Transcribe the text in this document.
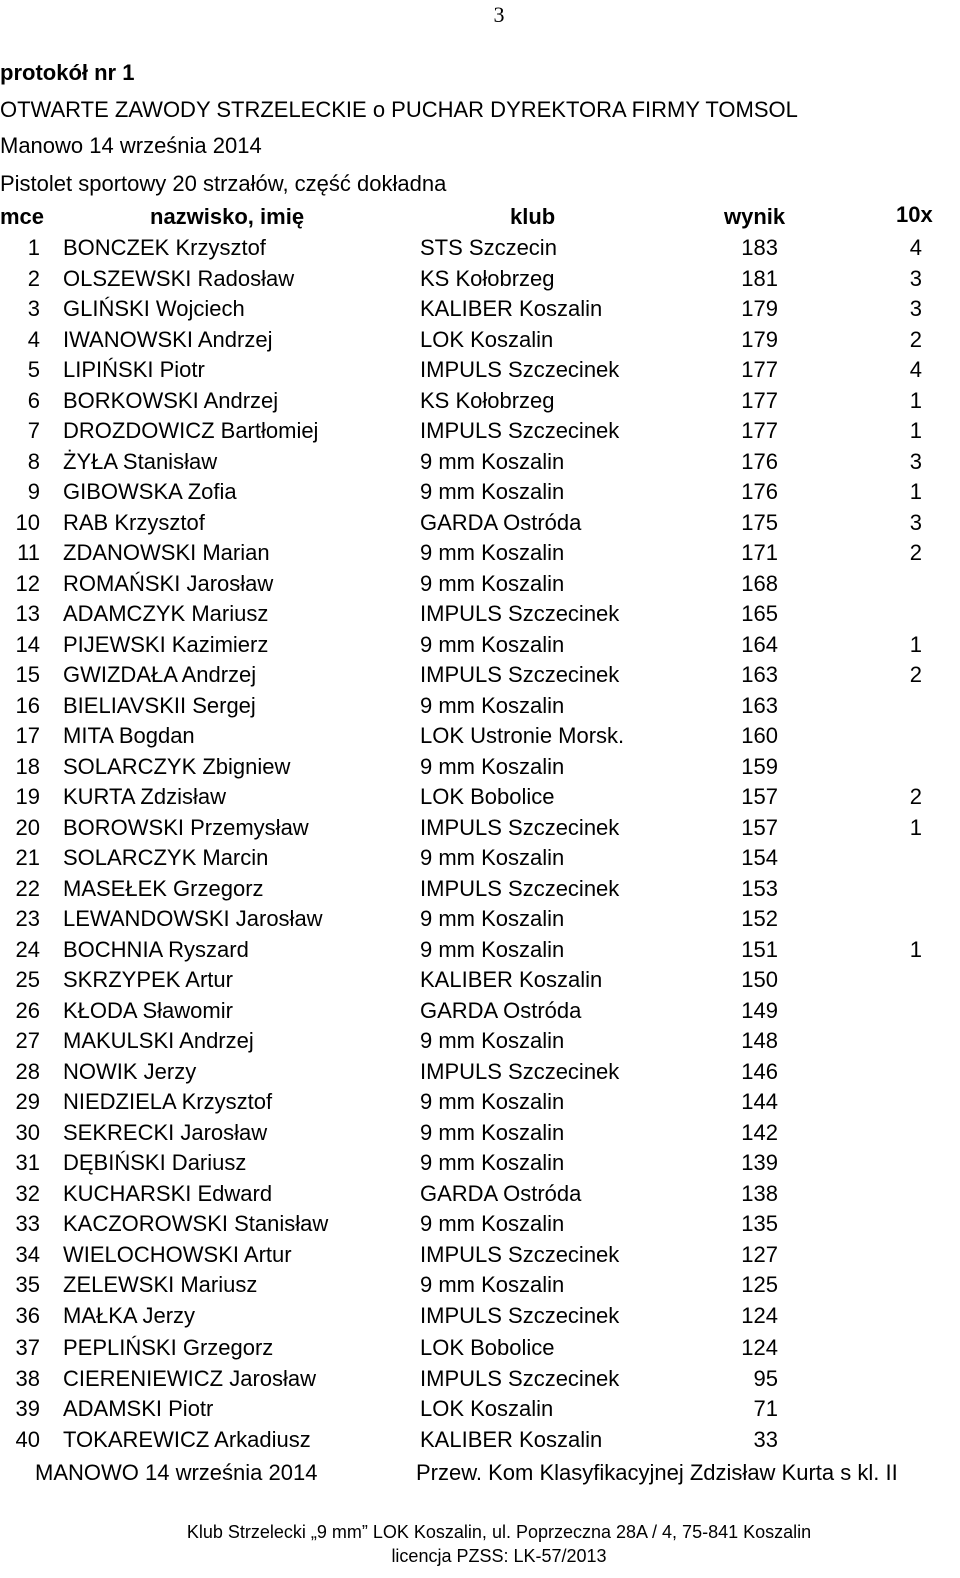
3
protokół nr 1
OTWARTE ZAWODY STRZELECKIE o PUCHAR DYREKTORA FIRMY TOMSOL
Manowo 14 września 2014
Pistolet sportowy 20 strzałów, część dokładna
mce	nazwisko, imię	klub	wynik	10x
1 BONCZEK Krzysztof	STS Szczecin	183	4
2 OLSZEWSKI Radosław	KS Kołobrzeg	181	3
3 GLIŃSKI Wojciech	KALIBER Koszalin	179	3
4 IWANOWSKI Andrzej	LOK Koszalin	179	2
5 LIPIŃSKI Piotr	IMPULS Szczecinek	177	4
6 BORKOWSKI Andrzej	KS Kołobrzeg	177	1
7 DROZDOWICZ Bartłomiej	IMPULS Szczecinek	177	1
8 ŻYŁA Stanisław	9 mm Koszalin	176	3
9 GIBOWSKA Zofia	9 mm Koszalin	176	1
10 RAB Krzysztof	GARDA Ostróda	175	3
11 ZDANOWSKI Marian	9 mm Koszalin	171	2
12 ROMAŃSKI Jarosław	9 mm Koszalin	168
13 ADAMCZYK Mariusz	IMPULS Szczecinek	165
14 PIJEWSKI Kazimierz	9 mm Koszalin	164	1
15 GWIZDAŁA Andrzej	IMPULS Szczecinek	163	2
16 BIELIAVSKII Sergej	9 mm Koszalin	163
17 MITA Bogdan	LOK Ustronie Morsk.	160
18 SOLARCZYK Zbigniew	9 mm Koszalin	159
19 KURTA Zdzisław	LOK Bobolice	157	2
20 BOROWSKI Przemysław	IMPULS Szczecinek	157	1
21 SOLARCZYK Marcin	9 mm Koszalin	154
22 MASEŁEK Grzegorz	IMPULS Szczecinek	153
23 LEWANDOWSKI Jarosław	9 mm Koszalin	152
24 BOCHNIA Ryszard	9 mm Koszalin	151	1
25 SKRZYPEK Artur	KALIBER Koszalin	150
26 KŁODA Sławomir	GARDA Ostróda	149
27 MAKULSKI Andrzej	9 mm Koszalin	148
28 NOWIK Jerzy	IMPULS Szczecinek	146
29 NIEDZIELA Krzysztof	9 mm Koszalin	144
30 SEKRECKI Jarosław	9 mm Koszalin	142
31 DĘBIŃSKI Dariusz	9 mm Koszalin	139
32 KUCHARSKI Edward	GARDA Ostróda	138
33 KACZOROWSKI Stanisław	9 mm Koszalin	135
34 WIELOCHOWSKI Artur	IMPULS Szczecinek	127
35 ZELEWSKI Mariusz	9 mm Koszalin	125
36 MAŁKA Jerzy	IMPULS Szczecinek	124
37 PEPLIŃSKI Grzegorz	LOK Bobolice	124
38 CIERENIEWICZ Jarosław	IMPULS Szczecinek	95
39 ADAMSKI Piotr	LOK Koszalin	71
40 TOKAREWICZ Arkadiusz	KALIBER Koszalin	33
MANOWO 14 września 2014	Przew. Kom Klasyfikacyjnej Zdzisław Kurta s kl. II
Klub Strzelecki „9 mm” LOK Koszalin, ul. Poprzeczna 28A / 4, 75-841 Koszalin
licencja PZSS: LK-57/2013
